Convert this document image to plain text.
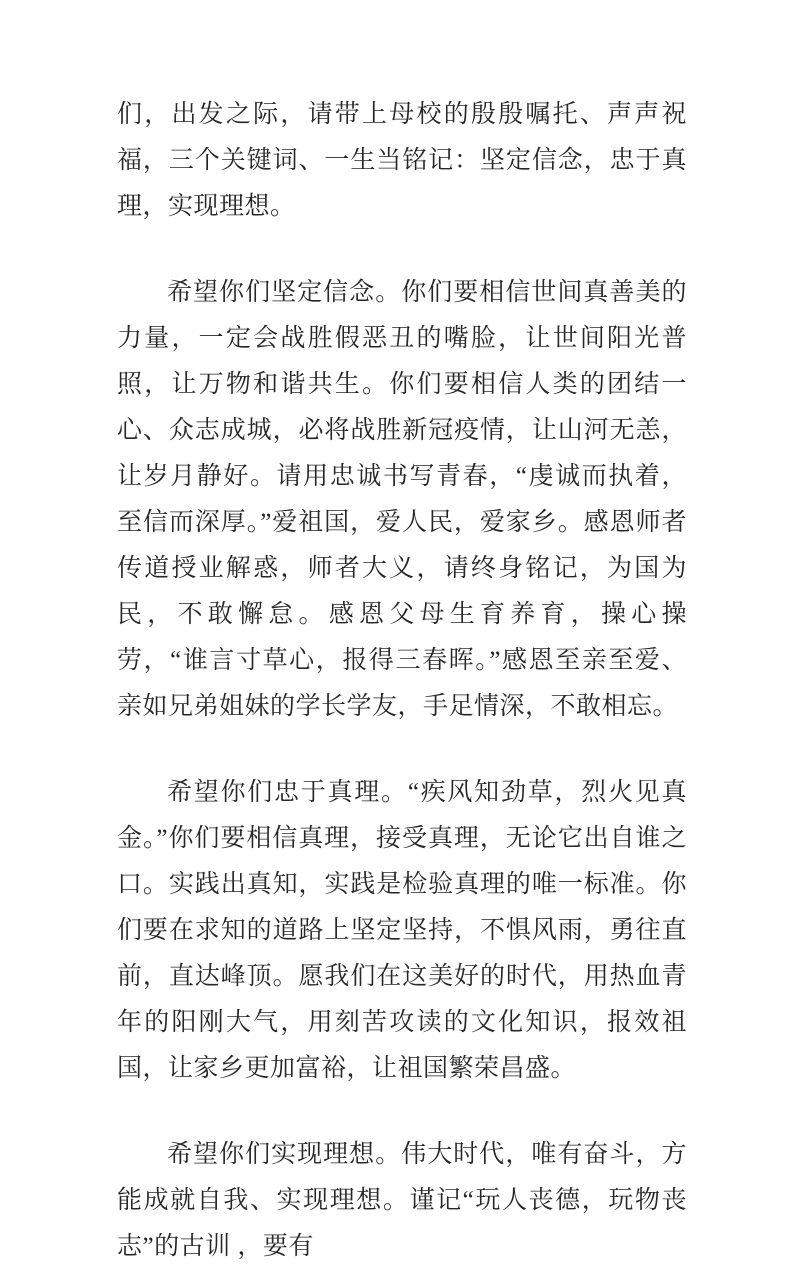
们，出发之际，请带上母校的殷殷嘱托、声声祝福，三个关键词、一生当铭记：坚定信念，忠于真理，实现理想。

希望你们坚定信念。你们要相信世间真善美的力量，一定会战胜假恶丑的嘴脸，让世间阳光普照，让万物和谐共生。你们要相信人类的团结一心、众志成城，必将战胜新冠疫情，让山河无恙，让岁月静好。请用忠诚书写青春，“虔诚而执着，至信而深厚。”爱祖国，爱人民，爱家乡。感恩师者传道授业解惑，师者大义，请终身铭记，为国为民，不敢懈怠。感恩父母生育养育，操心操劳，“谁言寸草心，报得三春晖。”感恩至亲至爱、亲如兄弟姐妹的学长学友，手足情深，不敢相忘。

希望你们忠于真理。“疾风知劲草，烈火见真金。”你们要相信真理，接受真理，无论它出自谁之口。实践出真知，实践是检验真理的唯一标准。你们要在求知的道路上坚定坚持，不惧风雨，勇往直前，直达峰顶。愿我们在这美好的时代，用热血青年的阳刚大气，用刻苦攻读的文化知识，报效祖国，让家乡更加富裕，让祖国繁荣昌盛。

希望你们实现理想。伟大时代，唯有奋斗，方能成就自我、实现理想。谨记“玩人丧德，玩物丧志”的古训 ，要有
